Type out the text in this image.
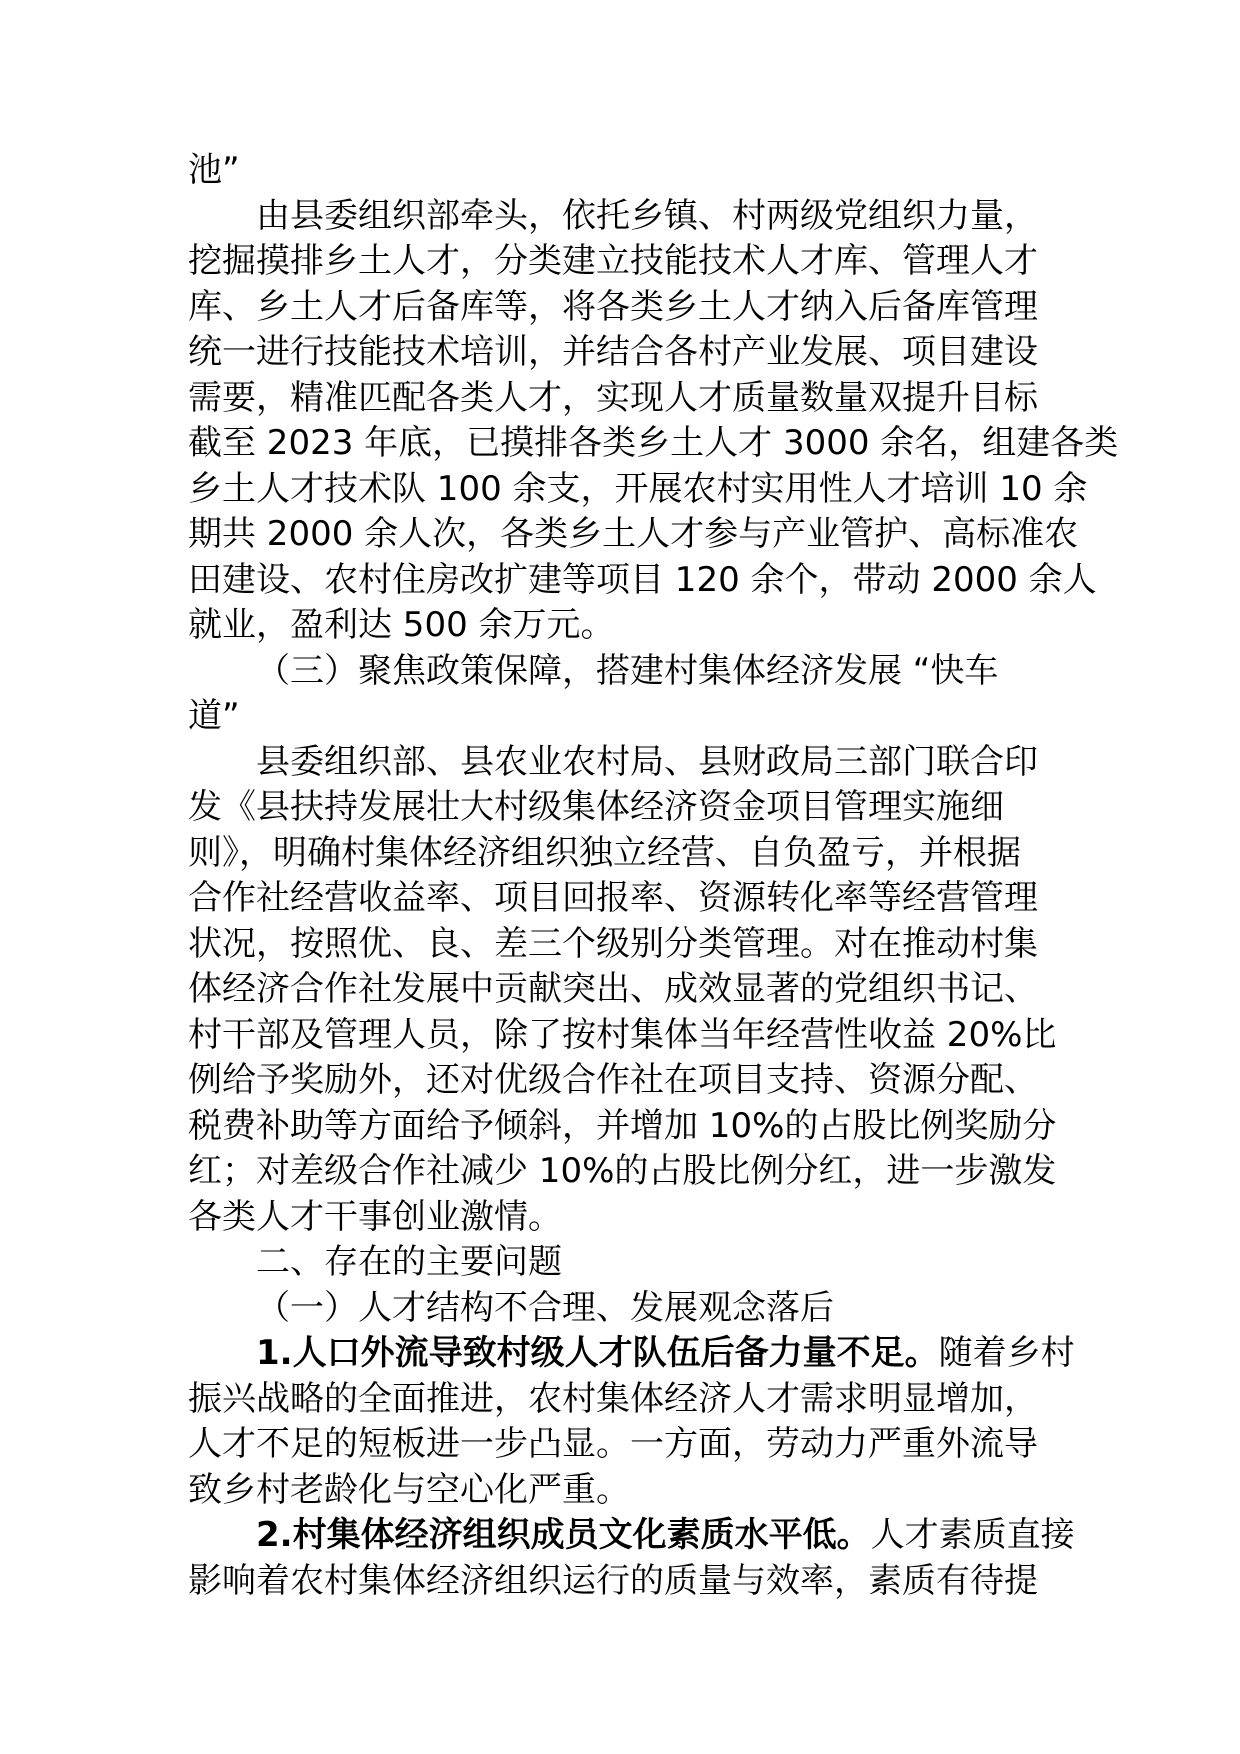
池”
由县委组织部牵头，依托乡镇、村两级党组织力量，
挖掘摸排乡土人才，分类建立技能技术人才库、管理人才
库、乡土人才后备库等，将各类乡土人才纳入后备库管理
统一进行技能技术培训，并结合各村产业发展、项目建设
需要，精准匹配各类人才，实现人才质量数量双提升目标
截至 2023 年底，已摸排各类乡土人才 3000 余名，组建各类
乡土人才技术队 100 余支，开展农村实用性人才培训 10 余
期共 2000 余人次，各类乡土人才参与产业管护、高标准农
田建设、农村住房改扩建等项目 120 余个，带动 2000 余人
就业，盈利达 500 余万元。
（三）聚焦政策保障，搭建村集体经济发展 “快车
道”
县委组织部、县农业农村局、县财政局三部门联合印
发《县扶持发展壮大村级集体经济资金项目管理实施细
则》，明确村集体经济组织独立经营、自负盈亏，并根据
合作社经营收益率、项目回报率、资源转化率等经营管理
状况，按照优、良、差三个级别分类管理。对在推动村集
体经济合作社发展中贡献突出、成效显著的党组织书记、
村干部及管理人员，除了按村集体当年经营性收益 20%比
例给予奖励外，还对优级合作社在项目支持、资源分配、
税费补助等方面给予倾斜，并增加 10%的占股比例奖励分
红；对差级合作社减少 10%的占股比例分红，进一步激发
各类人才干事创业激情。
二、存在的主要问题
（一）人才结构不合理、发展观念落后
1.人口外流导致村级人才队伍后备力量不足。随着乡村
振兴战略的全面推进，农村集体经济人才需求明显增加，
人才不足的短板进一步凸显。一方面，劳动力严重外流导
致乡村老龄化与空心化严重。
2.村集体经济组织成员文化素质水平低。人才素质直接
影响着农村集体经济组织运行的质量与效率，素质有待提
